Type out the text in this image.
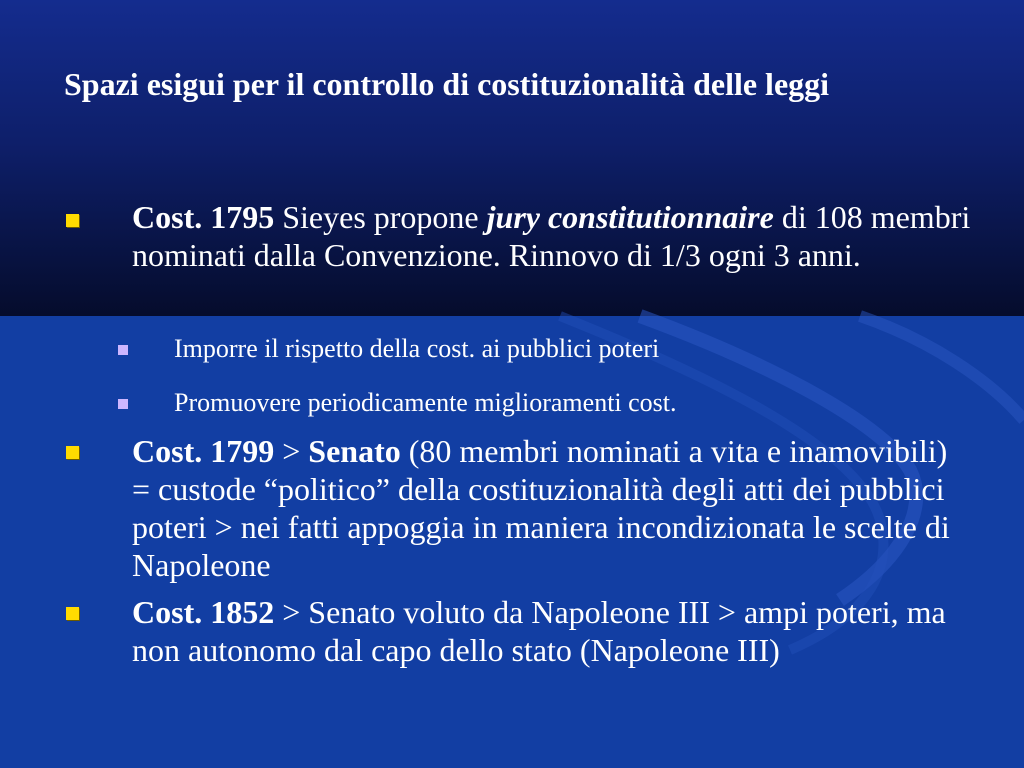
Spazi esigui per il controllo di costituzionalità delle leggi
Cost. 1795 Sieyes propone jury constitutionnaire di 108 membri nominati dalla Convenzione. Rinnovo di 1/3 ogni 3 anni.
Imporre il rispetto della cost. ai pubblici poteri
Promuovere periodicamente miglioramenti cost.
Cost. 1799 > Senato (80 membri nominati a vita e inamovibili) = custode “politico” della costituzionalità degli atti dei pubblici poteri > nei fatti appoggia in maniera incondizionata le scelte di Napoleone
Cost. 1852 > Senato voluto da Napoleone III > ampi poteri, ma non autonomo dal capo dello stato (Napoleone III)
